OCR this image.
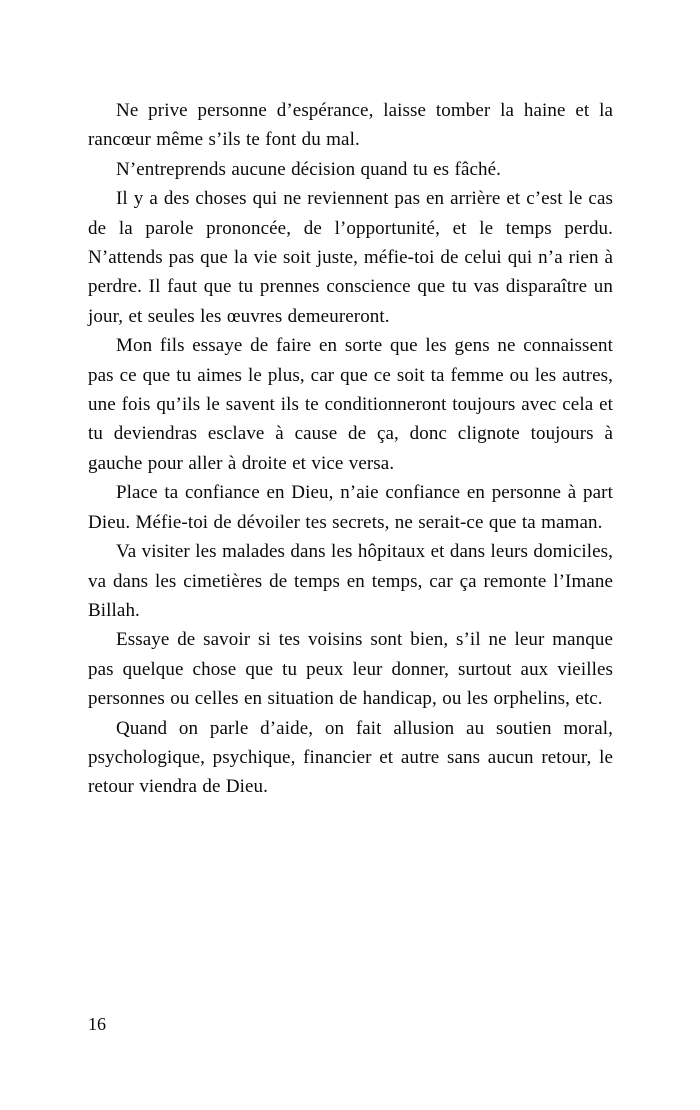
Ne prive personne d’espérance, laisse tomber la haine et la rancœur même s’ils te font du mal.

N’entreprends aucune décision quand tu es fâché.

Il y a des choses qui ne reviennent pas en arrière et c’est le cas de la parole prononcée, de l’opportunité, et le temps perdu. N’attends pas que la vie soit juste, méfie-toi de celui qui n’a rien à perdre. Il faut que tu prennes conscience que tu vas disparaître un jour, et seules les œuvres demeureront.

Mon fils essaye de faire en sorte que les gens ne connaissent pas ce que tu aimes le plus, car que ce soit ta femme ou les autres, une fois qu’ils le savent ils te conditionneront toujours avec cela et tu deviendras esclave à cause de ça, donc clignote toujours à gauche pour aller à droite et vice versa.

Place ta confiance en Dieu, n’aie confiance en personne à part Dieu. Méfie-toi de dévoiler tes secrets, ne serait-ce que ta maman.

Va visiter les malades dans les hôpitaux et dans leurs domiciles, va dans les cimetières de temps en temps, car ça remonte l’Imane Billah.

Essaye de savoir si tes voisins sont bien, s’il ne leur manque pas quelque chose que tu peux leur donner, surtout aux vieilles personnes ou celles en situation de handicap, ou les orphelins, etc.

Quand on parle d’aide, on fait allusion au soutien moral, psychologique, psychique, financier et autre sans aucun retour, le retour viendra de Dieu.

16
